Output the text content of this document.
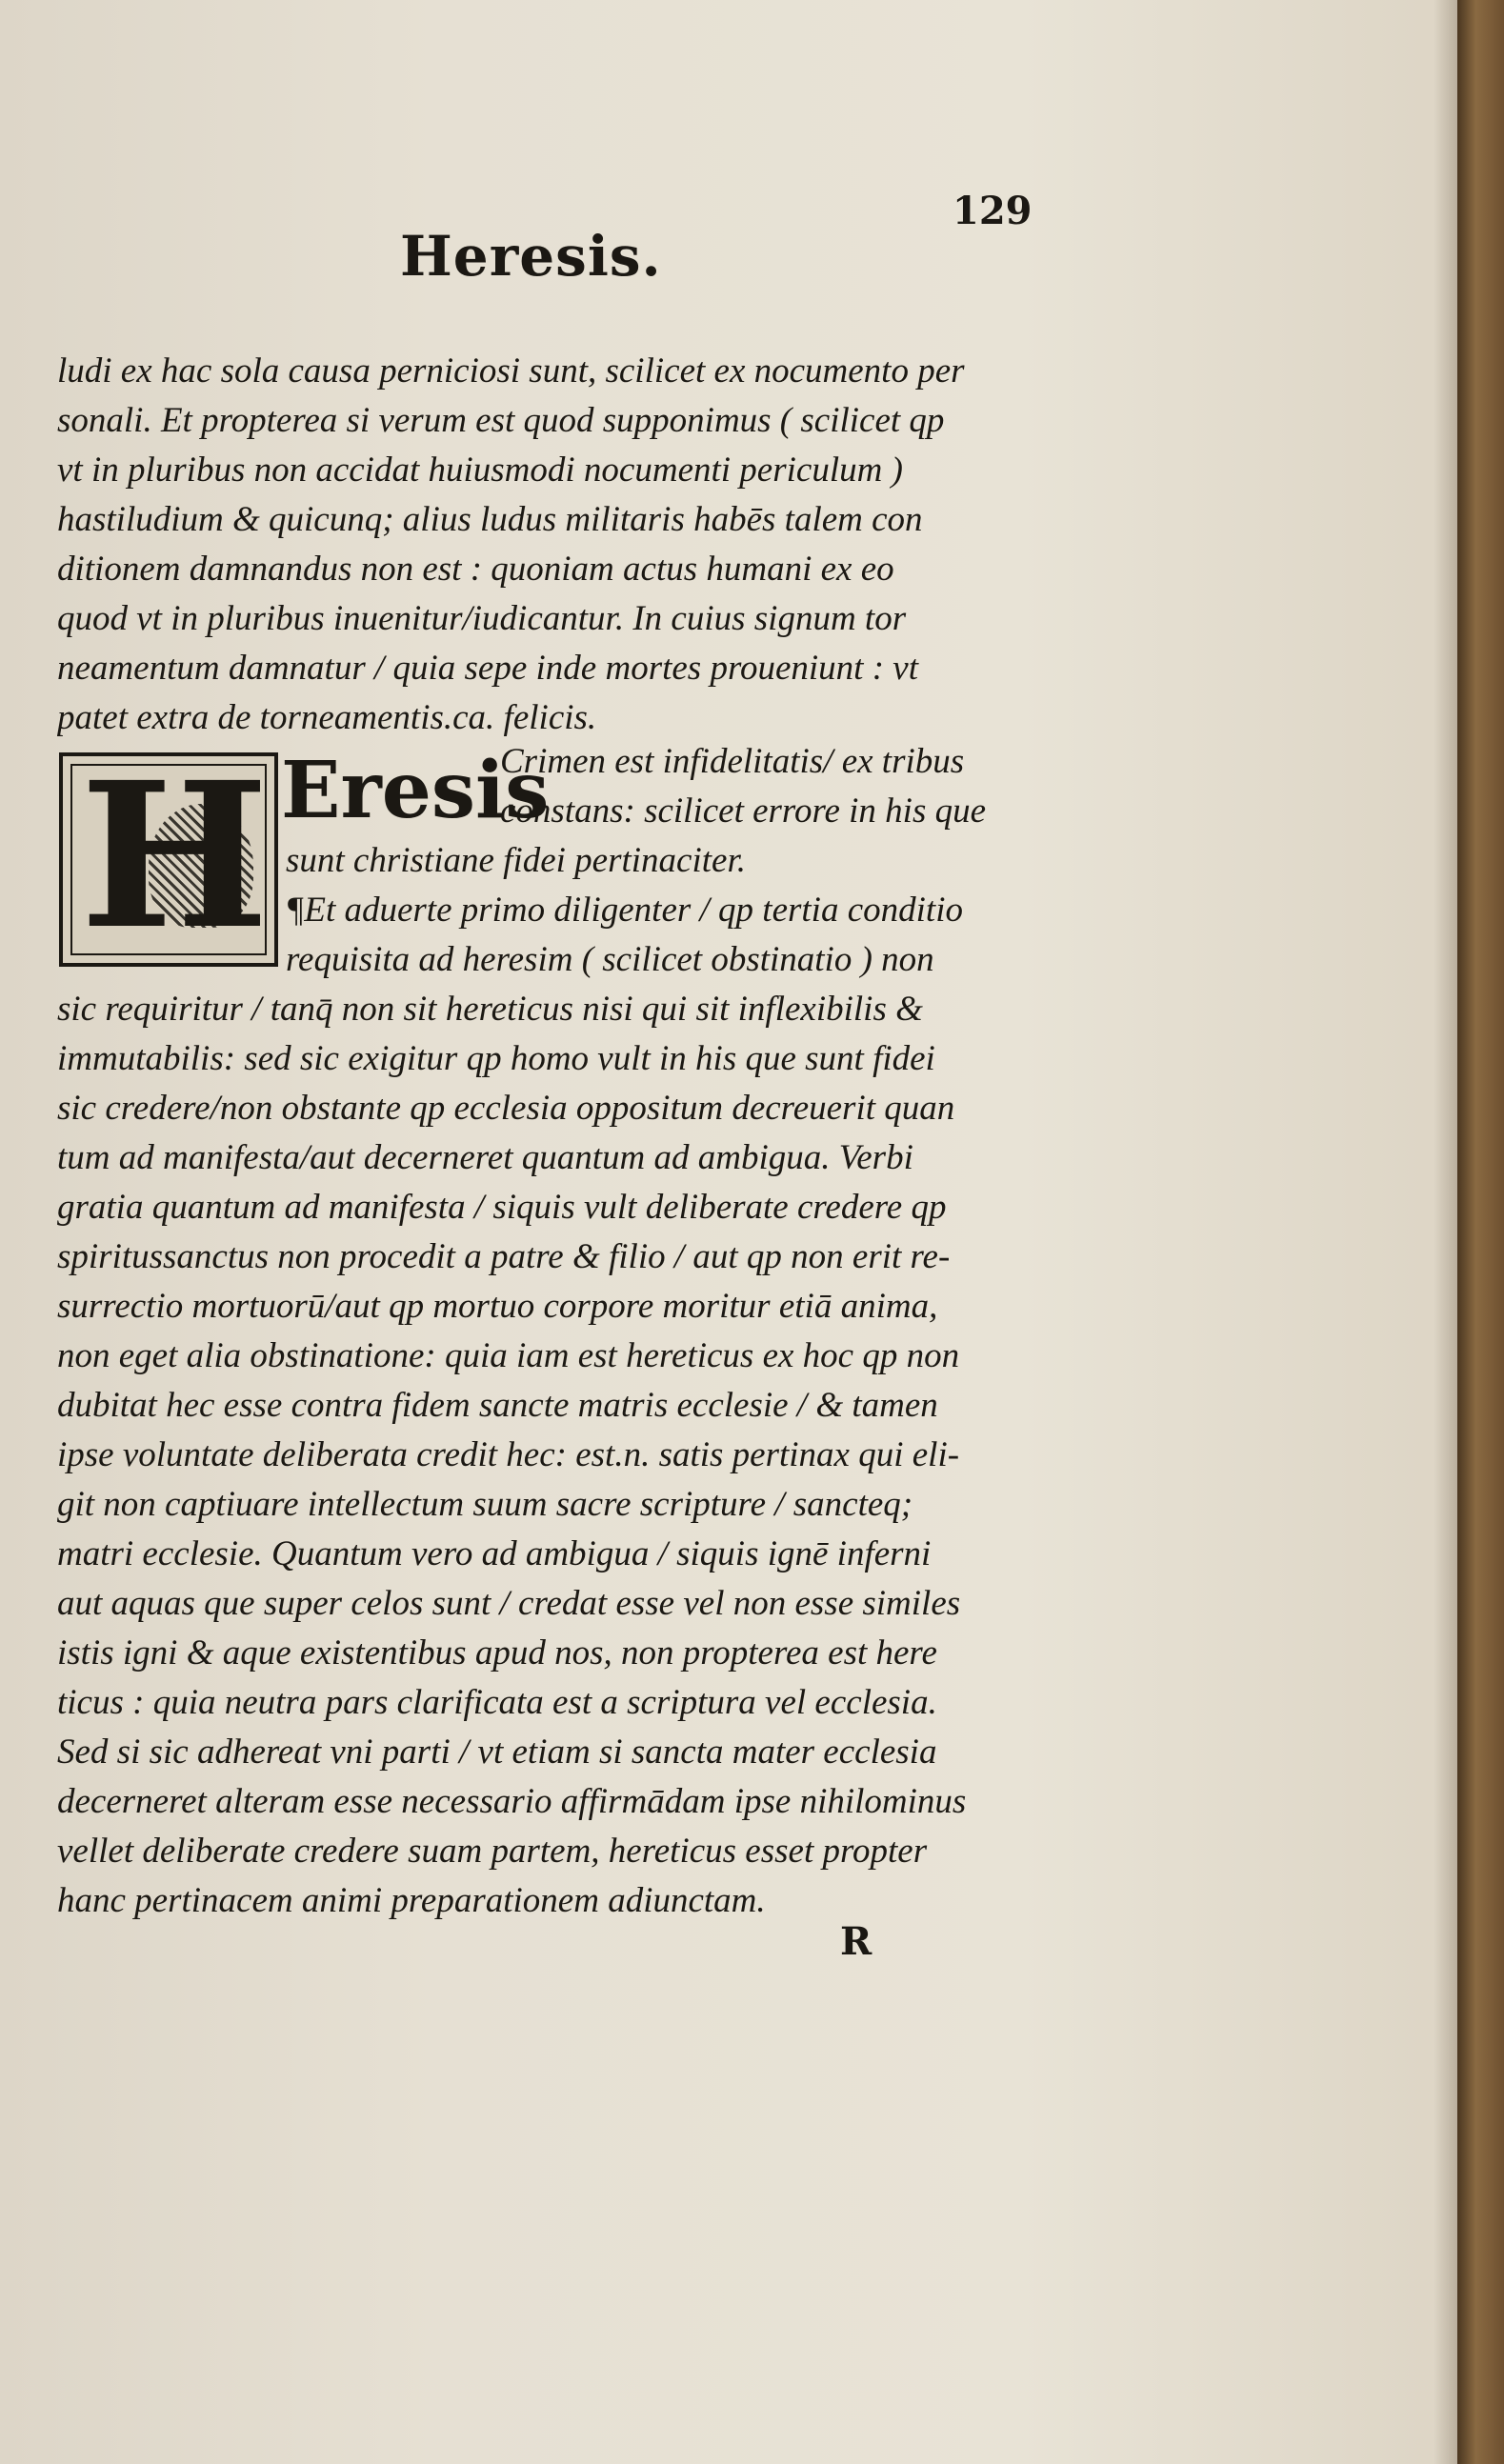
Heresis.
129
ludi ex hac sola causa perniciosi sunt, scilicet ex nocumento per
sonali. Et propterea si verum est quod supponimus ( scilicet qp
vt in pluribus non accidat huiusmodi nocumenti periculum )
hastiludium & quicunq; alius ludus militaris habēs talem con
ditionem damnandus non est : quoniam actus humani ex eo
quod vt in pluribus inuenitur/iudicantur. In cuius signum tor
neamentum damnatur / quia sepe inde mortes proueniunt : vt
patet extra de torneamentis.ca. felicis.
H Eresis
Crimen est infidelitatis/ ex tribus
constans: scilicet errore in his que
sunt christiane fidei pertinaciter.
¶Et aduerte primo diligenter / qp tertia conditio
requisita ad heresim ( scilicet obstinatio ) non
sic requiritur / tanq̄ non sit hereticus nisi qui sit inflexibilis &
immutabilis: sed sic exigitur qp homo vult in his que sunt fidei
sic credere/non obstante qp ecclesia oppositum decreuerit quan
tum ad manifesta/aut decerneret quantum ad ambigua. Verbi
gratia quantum ad manifesta / siquis vult deliberate credere qp
spiritussanctus non procedit a patre & filio / aut qp non erit re-
surrectio mortuorū/aut qp mortuo corpore moritur etiā anima,
non eget alia obstinatione: quia iam est hereticus ex hoc qp non
dubitat hec esse contra fidem sancte matris ecclesie / & tamen
ipse voluntate deliberata credit hec: est.n. satis pertinax qui eli-
git non captiuare intellectum suum sacre scripture / sancteq;
matri ecclesie. Quantum vero ad ambigua / siquis ignē inferni
aut aquas que super celos sunt / credat esse vel non esse similes
istis igni & aque existentibus apud nos, non propterea est here
ticus : quia neutra pars clarificata est a scriptura vel ecclesia.
Sed si sic adhereat vni parti / vt etiam si sancta mater ecclesia
decerneret alteram esse necessario affirmādam ipse nihilominus
vellet deliberate credere suam partem, hereticus esset propter
hanc pertinacem animi preparationem adiunctam.
R
